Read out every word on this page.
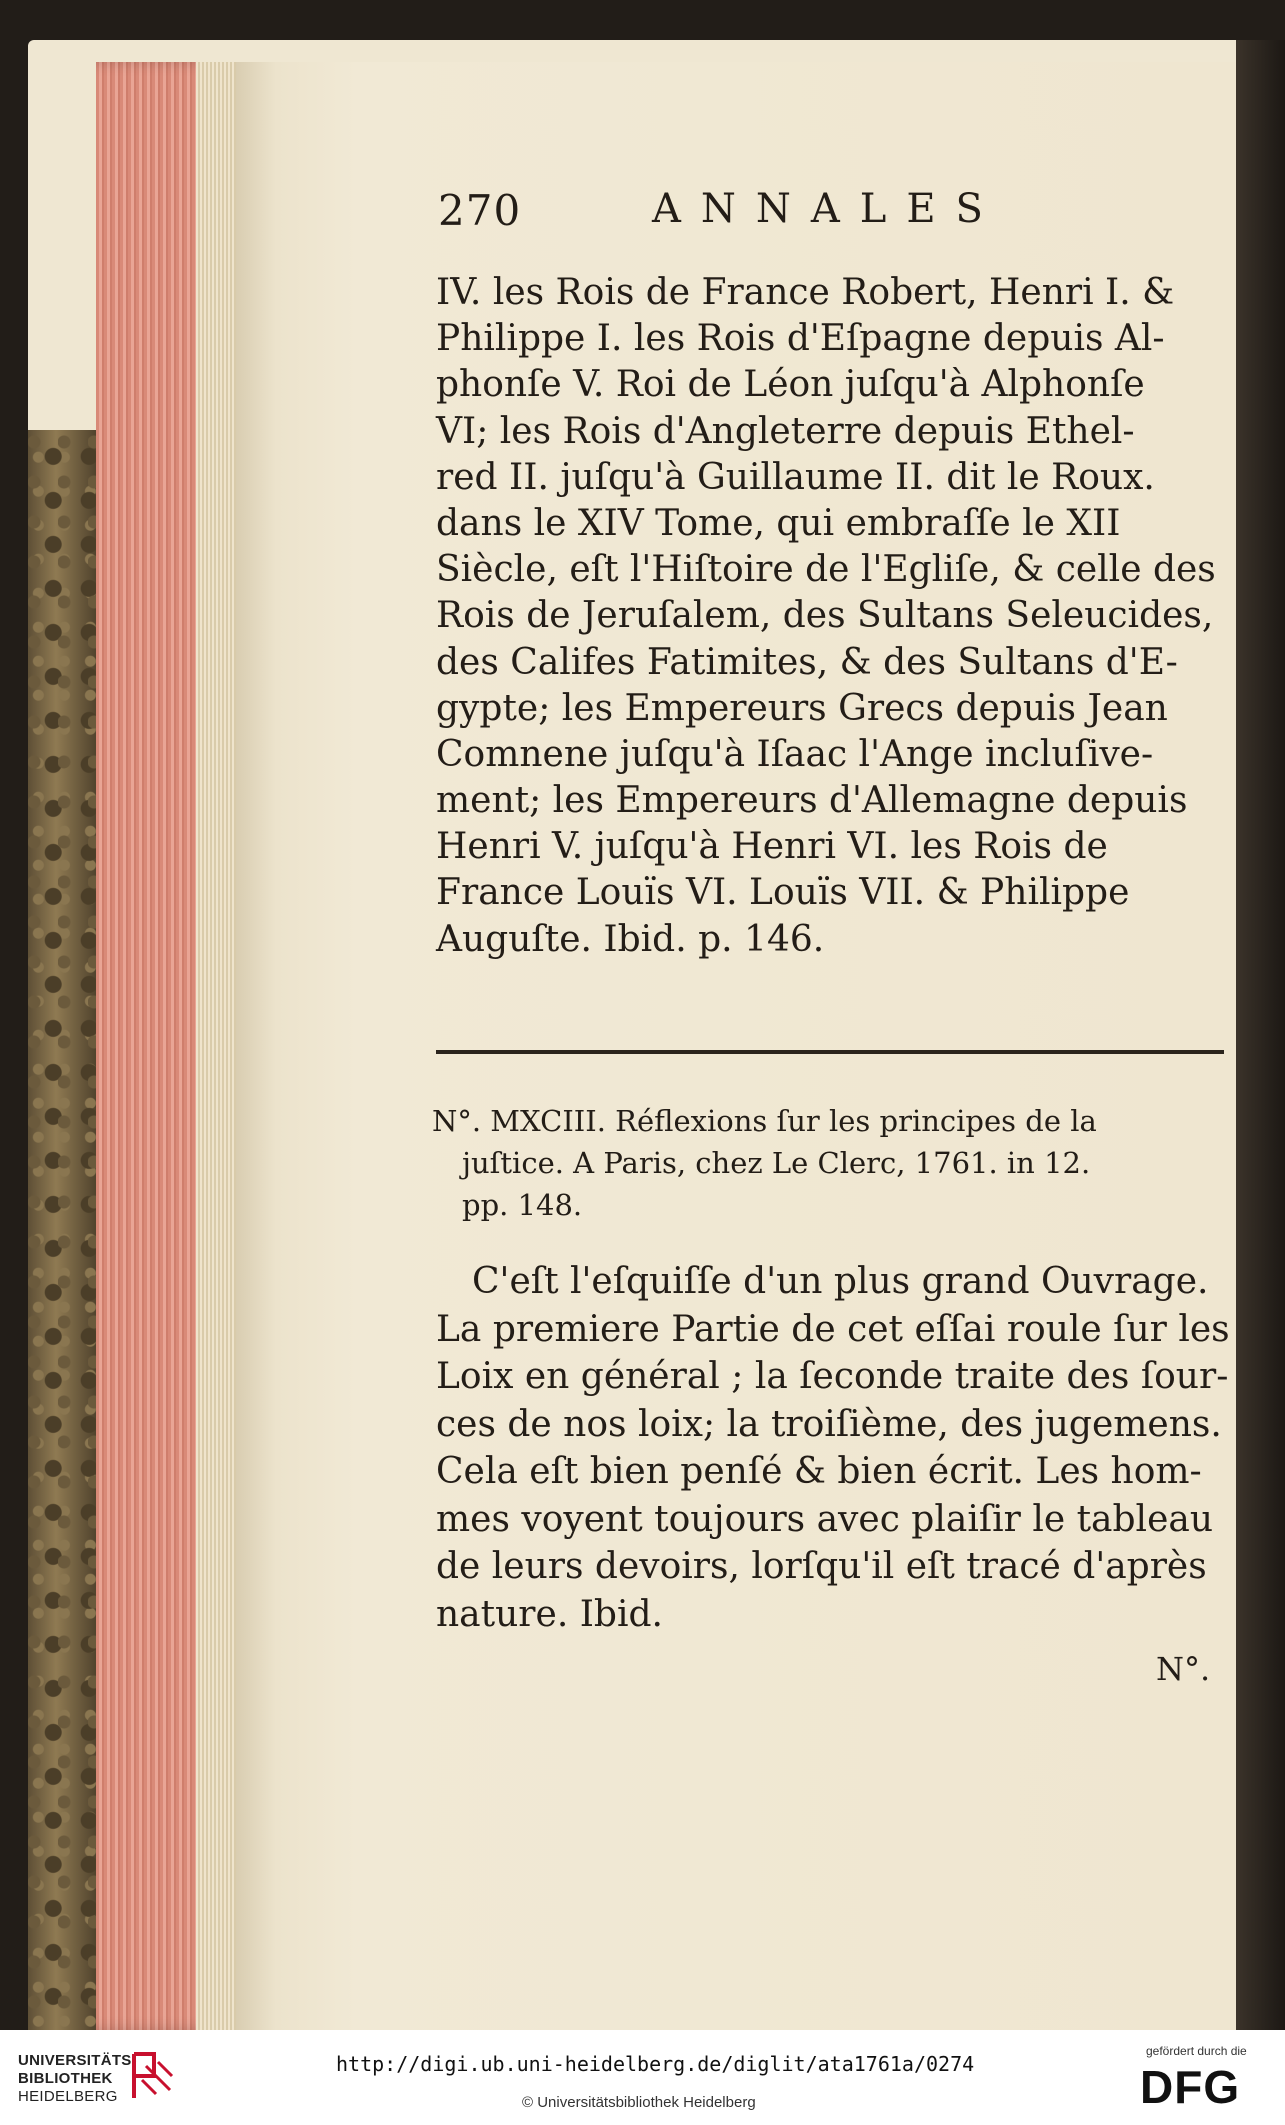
270	ANNALES

IV. les Rois de France Robert, Henri I. &
Philippe I. les Rois d'Eſpagne depuis Al-
phonſe V. Roi de Léon juſqu'à Alphonſe
VI; les Rois d'Angleterre depuis Ethel-
red II. juſqu'à Guillaume II. dit le Roux.
dans le XIV Tome, qui embraſſe le XII
Siècle, eſt l'Hiſtoire de l'Egliſe, & celle des
Rois de Jeruſalem, des Sultans Seleucides,
des Califes Fatimites, & des Sultans d'E-
gypte; les Empereurs Grecs depuis Jean
Comnene juſqu'à Iſaac l'Ange incluſive-
ment; les Empereurs d'Allemagne depuis
Henri V. juſqu'à Henri VI. les Rois de
France Louïs VI. Louïs VII. & Philippe
Auguſte. Ibid. p. 146.
N°. MXCIII. Réflexions ſur les principes de la
juſtice. A Paris, chez Le Clerc, 1761. in 12.
pp. 148.
C'eſt l'eſquiſſe d'un plus grand Ouvrage.
La premiere Partie de cet eſſai roule ſur les
Loix en général ; la ſeconde traite des ſour-
ces de nos loix; la troiſième, des jugemens.
Cela eſt bien penſé & bien écrit. Les hom-
mes voyent toujours avec plaiſir le tableau
de leurs devoirs, lorſqu'il eſt tracé d'après
nature. Ibid.

N°.

UNIVERSITÄTS-
BIBLIOTHEK
HEIDELBERG
http://digi.ub.uni-heidelberg.de/diglit/ata1761a/0274
© Universitätsbibliothek Heidelberg
gefördert durch die
DFG
